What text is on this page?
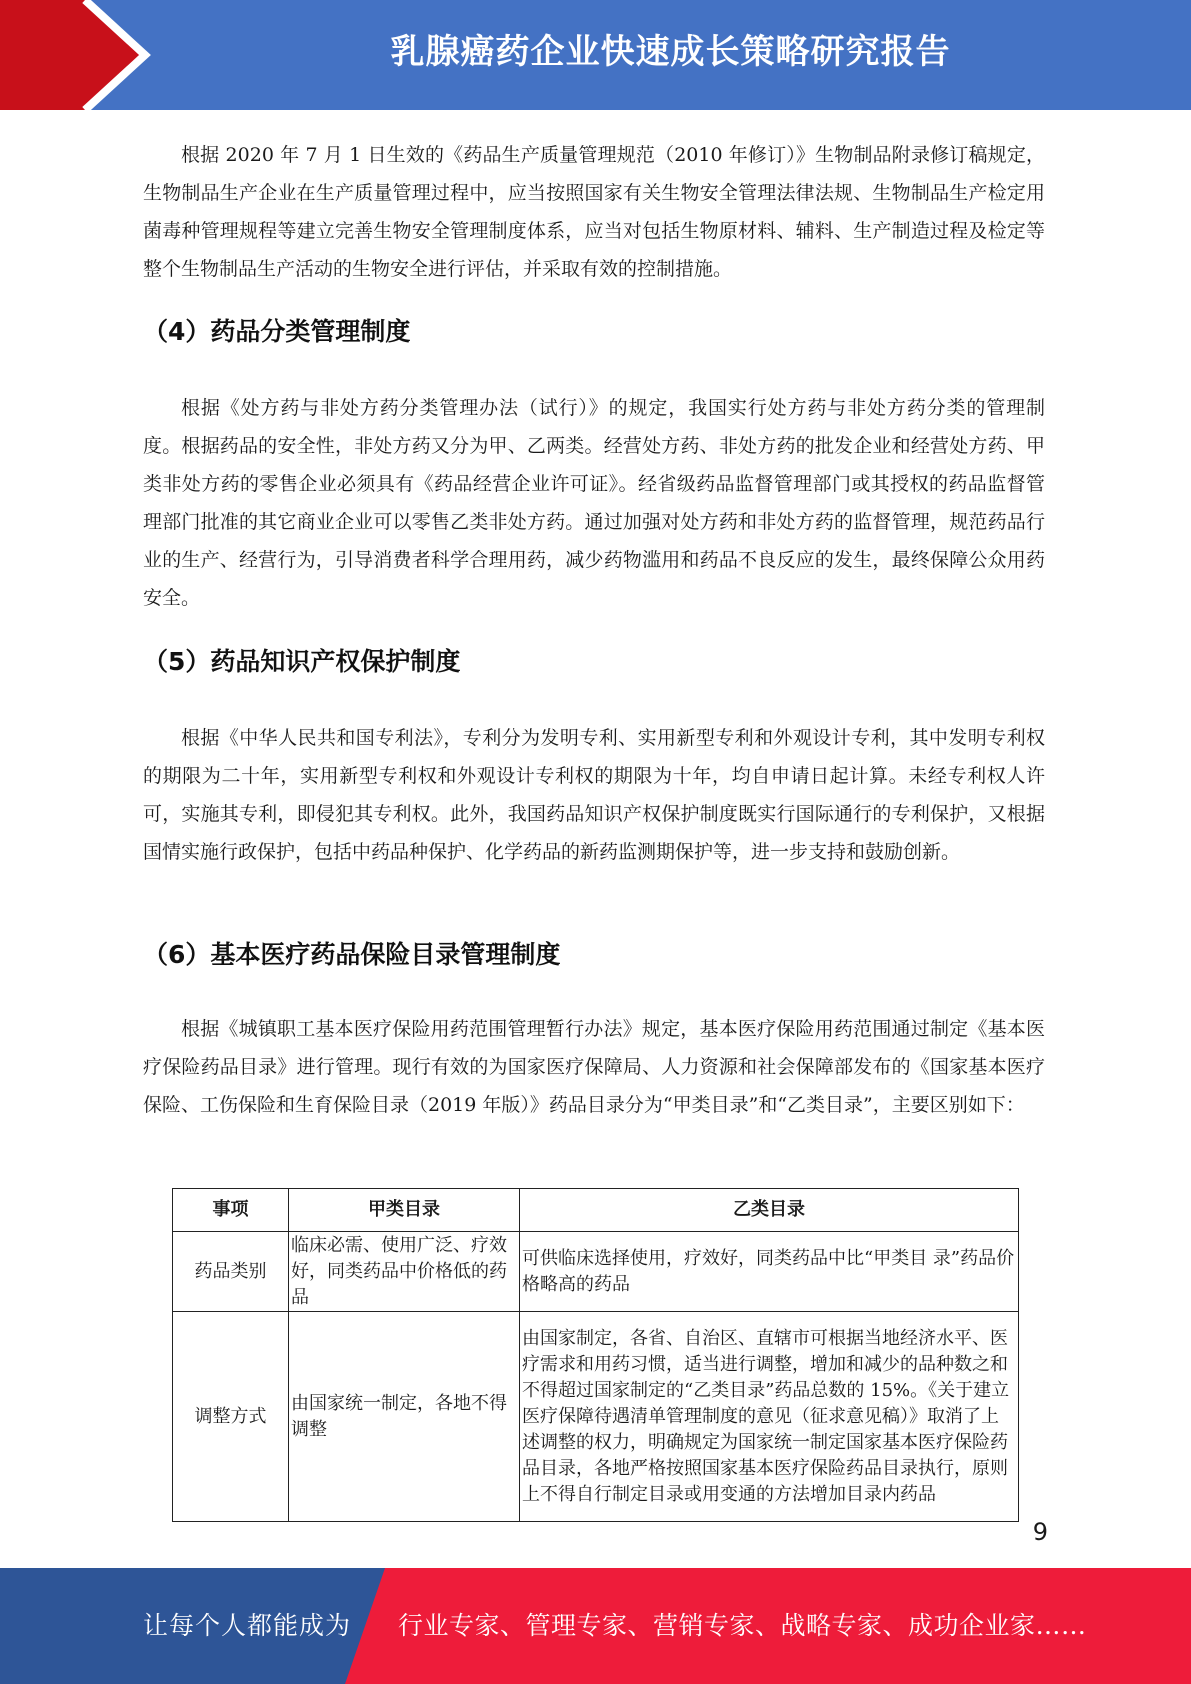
乳腺癌药企业快速成长策略研究报告

根据 2020 年 7 月 1 日生效的《药品生产质量管理规范（2010 年修订）》生物制品附录修订稿规定，生物制品生产企业在生产质量管理过程中，应当按照国家有关生物安全管理法律法规、生物制品生产检定用菌毒种管理规程等建立完善生物安全管理制度体系，应当对包括生物原材料、辅料、生产制造过程及检定等整个生物制品生产活动的生物安全进行评估，并采取有效的控制措施。

（4）药品分类管理制度

根据《处方药与非处方药分类管理办法（试行）》的规定，我国实行处方药与非处方药分类的管理制度。根据药品的安全性，非处方药又分为甲、乙两类。经营处方药、非处方药的批发企业和经营处方药、甲类非处方药的零售企业必须具有《药品经营企业许可证》。经省级药品监督管理部门或其授权的药品监督管理部门批准的其它商业企业可以零售乙类非处方药。通过加强对处方药和非处方药的监督管理，规范药品行业的生产、经营行为，引导消费者科学合理用药，减少药物滥用和药品不良反应的发生，最终保障公众用药安全。

（5）药品知识产权保护制度

根据《中华人民共和国专利法》，专利分为发明专利、实用新型专利和外观设计专利，其中发明专利权的期限为二十年，实用新型专利权和外观设计专利权的期限为十年，均自申请日起计算。未经专利权人许可，实施其专利，即侵犯其专利权。此外，我国药品知识产权保护制度既实行国际通行的专利保护，又根据国情实施行政保护，包括中药品种保护、化学药品的新药监测期保护等，进一步支持和鼓励创新。

（6）基本医疗药品保险目录管理制度

根据《城镇职工基本医疗保险用药范围管理暂行办法》规定，基本医疗保险用药范围通过制定《基本医疗保险药品目录》进行管理。现行有效的为国家医疗保障局、人力资源和社会保障部发布的《国家基本医疗保险、工伤保险和生育保险目录（2019 年版）》药品目录分为“甲类目录”和“乙类目录”，主要区别如下：

事项	甲类目录	乙类目录
药品类别	临床必需、使用广泛、疗效好，同类药品中价格低的药品	可供临床选择使用，疗效好，同类药品中比“甲类目 录”药品价格略高的药品
调整方式	由国家统一制定，各地不得调整	由国家制定，各省、自治区、直辖市可根据当地经济水平、医疗需求和用药习惯，适当进行调整，增加和减少的品种数之和不得超过国家制定的“乙类目录”药品总数的 15%。《关于建立医疗保障待遇清单管理制度的意见（征求意见稿）》取消了上述调整的权力，明确规定为国家统一制定国家基本医疗保险药品目录，各地严格按照国家基本医疗保险药品目录执行，原则上不得自行制定目录或用变通的方法增加目录内药品
9
让每个人都能成为 行业专家、管理专家、营销专家、战略专家、成功企业家……
